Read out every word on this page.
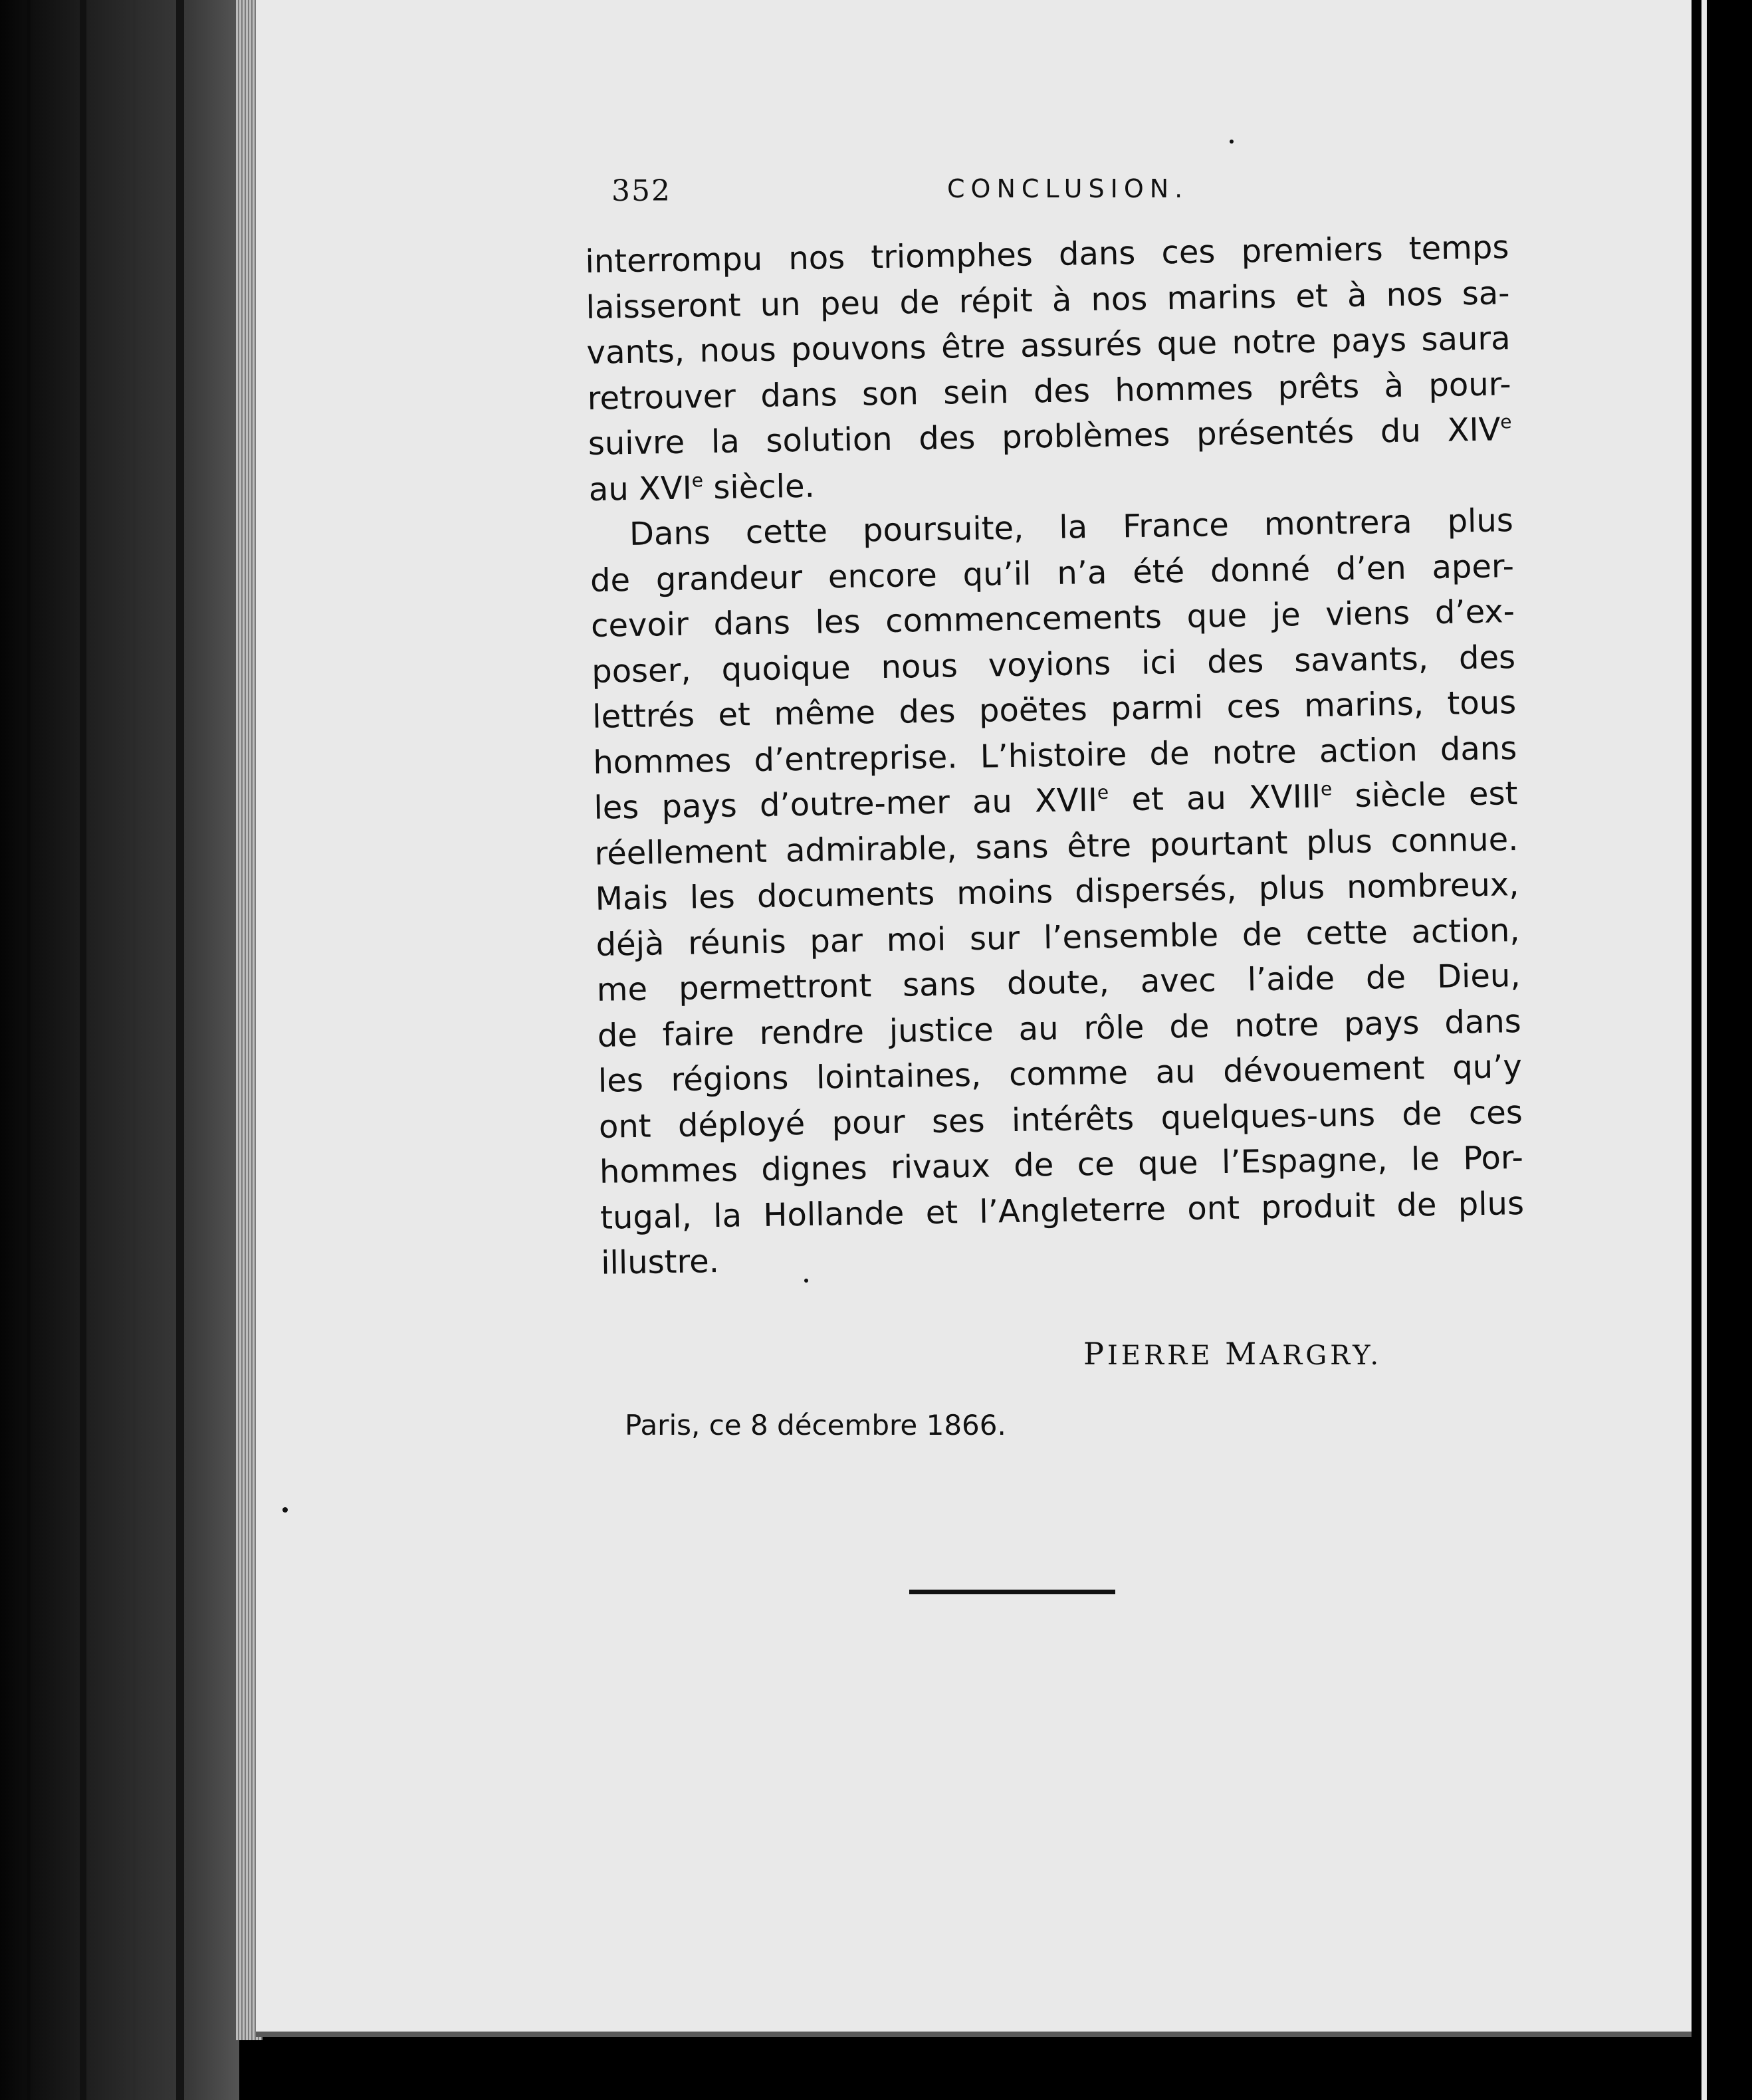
352	CONCLUSION.
interrompu nos triomphes dans ces premiers temps
laisseront un peu de répit à nos marins et à nos sa-
vants, nous pouvons être assurés que notre pays saura
retrouver dans son sein des hommes prêts à pour-
suivre la solution des problèmes présentés du XIVe
au XVIe siècle.
Dans cette poursuite, la France montrera plus
de grandeur encore qu’il n’a été donné d’en aper-
cevoir dans les commencements que je viens d’ex-
poser, quoique nous voyions ici des savants, des
lettrés et même des poëtes parmi ces marins, tous
hommes d’entreprise. L’histoire de notre action dans
les pays d’outre-mer au XVIIe et au XVIIIe siècle est
réellement admirable, sans être pourtant plus connue.
Mais les documents moins dispersés, plus nombreux,
déjà réunis par moi sur l’ensemble de cette action,
me permettront sans doute, avec l’aide de Dieu,
de faire rendre justice au rôle de notre pays dans
les régions lointaines, comme au dévouement qu’y
ont déployé pour ses intérêts quelques-uns de ces
hommes dignes rivaux de ce que l’Espagne, le Por-
tugal, la Hollande et l’Angleterre ont produit de plus
illustre.
PIERRE MARGRY.
Paris, ce 8 décembre 1866.
